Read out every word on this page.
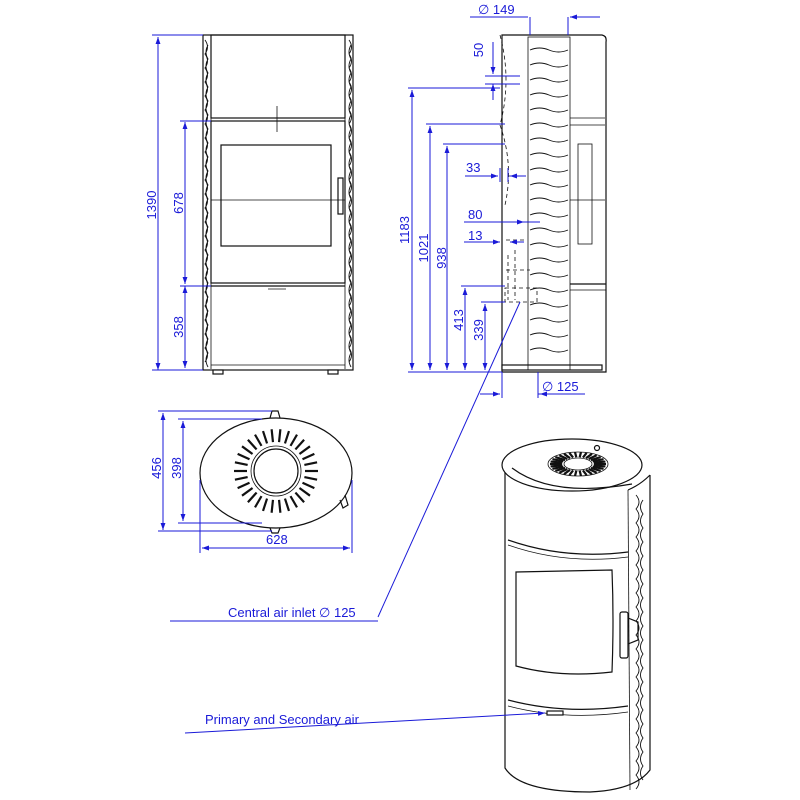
1390 678
358
∅ 149
50
33
80
13
1183
1021 938
413 339
∅ 125
456 398
628
Central air inlet ∅ 125
Primary and Secondary air
